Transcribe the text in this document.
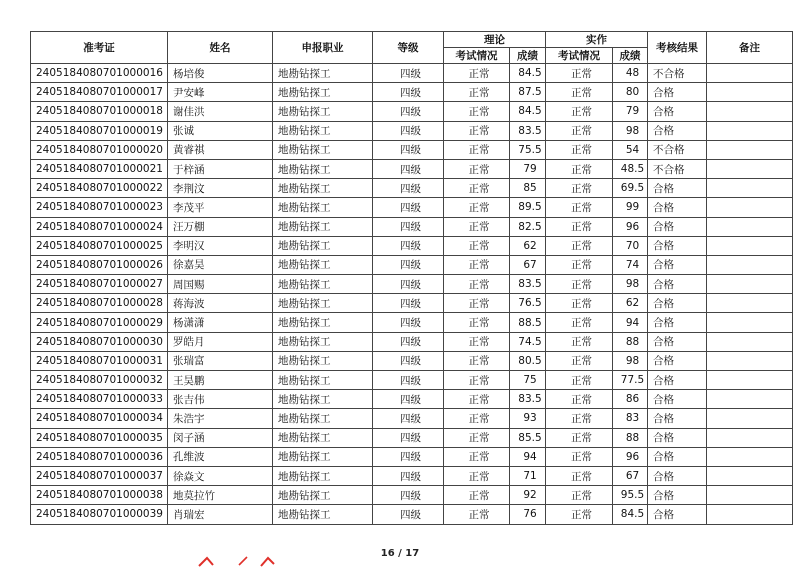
准考证	姓名	申报职业	等级	理论		实作		考核结果	备注
				考试情况	成绩	考试情况	成绩		
2405184080701000016	杨培俊	地勘钻探工	四级	正常	84.5	正常	48	不合格	
2405184080701000017	尹安峰	地勘钻探工	四级	正常	87.5	正常	80	合格	
2405184080701000018	谢佳洪	地勘钻探工	四级	正常	84.5	正常	79	合格	
2405184080701000019	张诚	地勘钻探工	四级	正常	83.5	正常	98	合格	
2405184080701000020	黄睿祺	地勘钻探工	四级	正常	75.5	正常	54	不合格	
2405184080701000021	于梓涵	地勘钻探工	四级	正常	79	正常	48.5	不合格	
2405184080701000022	李荆汶	地勘钻探工	四级	正常	85	正常	69.5	合格	
2405184080701000023	李茂平	地勘钻探工	四级	正常	89.5	正常	99	合格	
2405184080701000024	汪万棚	地勘钻探工	四级	正常	82.5	正常	96	合格	
2405184080701000025	李明汉	地勘钻探工	四级	正常	62	正常	70	合格	
2405184080701000026	徐嘉昊	地勘钻探工	四级	正常	67	正常	74	合格	
2405184080701000027	周国赐	地勘钻探工	四级	正常	83.5	正常	98	合格	
2405184080701000028	蒋海波	地勘钻探工	四级	正常	76.5	正常	62	合格	
2405184080701000029	杨潇潇	地勘钻探工	四级	正常	88.5	正常	94	合格	
2405184080701000030	罗皓月	地勘钻探工	四级	正常	74.5	正常	88	合格	
2405184080701000031	张瑞富	地勘钻探工	四级	正常	80.5	正常	98	合格	
2405184080701000032	王昊鹏	地勘钻探工	四级	正常	75	正常	77.5	合格	
2405184080701000033	张吉伟	地勘钻探工	四级	正常	83.5	正常	86	合格	
2405184080701000034	朱浩宇	地勘钻探工	四级	正常	93	正常	83	合格	
2405184080701000035	闵子涵	地勘钻探工	四级	正常	85.5	正常	88	合格	
2405184080701000036	孔维波	地勘钻探工	四级	正常	94	正常	96	合格	
2405184080701000037	徐焱文	地勘钻探工	四级	正常	71	正常	67	合格	
2405184080701000038	地莫拉竹	地勘钻探工	四级	正常	92	正常	95.5	合格	
2405184080701000039	肖瑞宏	地勘钻探工	四级	正常	76	正常	84.5	合格	
16 / 17
